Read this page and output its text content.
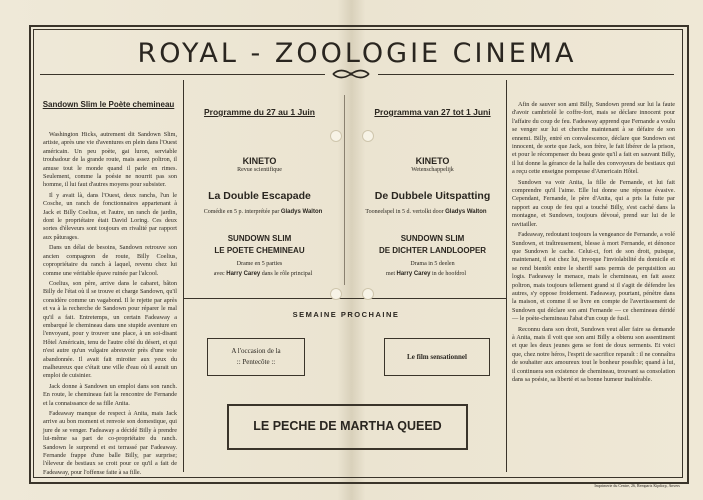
ROYAL - ZOOLOGIE CINEMA
Sandown Slim le Poète chemineau

Washington Hicks, autrement dit Sandown Slim, artiste, après une vie d'aventures en plein dans l'Ouest américain. Un peu poète, gai luron, serviable troubadour de la grande route, mais assez poltron, il amuse tout le monde quand il parle en rimes. Seulement, comme la poésie ne nourrit pas son homme, il lui faut d'autres moyens pour subsister.

Il y avait là, dans l'Ouest, deux ranchs, l'un le Cosche, un ranch de fonctionnaires appartenant à Jack et Billy Coelius, et l'autre, un ranch de jardin, dont le propriétaire était David Loring. Ces deux sortes d'éleveurs sont toujours en rivalité par rapport aux pâturages.

Dans un délai de besoins, Sandown retrouve son ancien compagnon de route, Billy Coelius, copropriétaire du ranch à laquel, revenu chez lui comme une véritable épave ruinée par l'alcool.

Coelius, son père, arrive dans le cabaret, bâton Billy de l'état où il se trouve et charge Sandown, qu'il considère comme un vagabond. Il le rejette par après et va à la recherche de Sandown pour réparer le mal qu'il a fait. Entretemps, un certain Fadeaway a embarqué le chemineau dans une stupide aventure en l'envoyant, pour y trouver une place, à un soi-disant Hôtel Américain, tenu de l'autre côté du désert, et qui n'est autre qu'un vulgaire abreuvoir près d'une voie abandonnée. Il avait fait miroiter aux yeux du malheureux que c'était une ville d'eau où il aurait un emploi de cuisinier.

Jack donne à Sandown un emploi dans son ranch. En route, le chemineau fait la rencontre de Fernande et la connaissance de sa fille Anita.

Fadeaway manque de respect à Anita, mais Jack arrive au bon moment et renvoie son domestique, qui jure de se venger. Fadeaway a décidé Billy à prendre lui-même sa part de co-propriétaire du ranch. Sandown le surprend et est terrassé par Fadeaway. Fernande frappe d'une balle Billy, par surprise; l'éleveur de bestiaux se croit pour ce qu'il a fait de Fadeaway, pour l'offense faite à sa fille.

Programme du 27 au 1 Juin
KINETO
Revue scientifique
La Double Escapade
Comédie en 5 p. interprétée par Gladys Walton
SUNDOWN SLIM
LE POETE CHEMINEAU
Drame en 5 parties
avec Harry Carey dans le rôle principal
Programma van 27 tot 1 Juni
KINETO
Wetenschappelijk
De Dubbele Uitspatting
Tooneelspel in 5 d. vertolkt door Gladys Walton
SUNDOWN SLIM
DE DICHTER LANDLOOPER
Drama in 5 deelen
met Harry Carey in de hoofdrol
SEMAINE PROCHAINE
A l'occasion de la
:: Pentecôte ::
Le film sensationnel
LE PECHE DE MARTHA QUEED

Afin de sauver son ami Billy, Sundown prend sur lui la faute d'avoir cambriolé le coffre-fort, mais se déclare innocent pour l'affaire du coup de feu. Fadeaway apprend que Fernande a voulu se venger sur lui et cherche maintenant à se défaire de son ennemi. Billy, entré en convalescence, déclare que Sundown est innocent, de sorte que Jack, son frère, le fait libérer de la prison, et pour le récompenser du beau geste qu'il a fait en sauvant Billy, il lui donne la gérance de la halle des convoyeurs de bestiaux qui a reçu cette enseigne pompeuse d'Americain Hôtel.

Sundown va voir Anita, la fille de Fernande, et lui fait comprendre qu'il l'aime. Elle lui donne une réponse évasive. Cependant, Fernande, le père d'Anita, qui a pris la fuite par rapport au coup de feu qui a touché Billy, s'est caché dans la montagne, et Sundown, toujours dévoué, prend sur lui de le ravitailler.

Fadeaway, redoutant toujours la vengeance de Fernande, a volé Sundown, et traîtreusement, blesse à mort Fernande, et dénonce que Sundown le cache. Celui-ci, fort de son droit, puisque, maintenant, il est chez lui, invoque l'inviolabilité du domicile et se rend bientôt entre le sheriff sans permis de perquisition au logis. Fadeaway le menace, mais le chemineau, en fait assez poltron, mais toujours tellement grand si il s'agit de défendre les autres, s'y oppose froidement. Fadeaway, pourtant, pénètre dans la maison, et comme il se livre en compte de l'avertissement de Sundown qui déclare son ami Fernande — ce chemineau déridé — le poète-chemineau l'abat d'un coup de fusil.

Reconnu dans son droit, Sundown veut aller faire sa demande à Anita, mais il voit que son ami Billy a obtenu son assentiment et que les deux jeunes gens se font de doux serments. Et voici que, chez notre héros, l'esprit de sacrifice reparaît : il ne connaîtra de souhaiter aux amoureux tout le bonheur possible; quand à lui, il continuera son existence de chemineau, trouvant sa consolation dans sa poésie, sa liberté et sa bonne humeur inaltérable.

Imprimerie du Centre, 26, Remparts Kipdorp, Anvers
